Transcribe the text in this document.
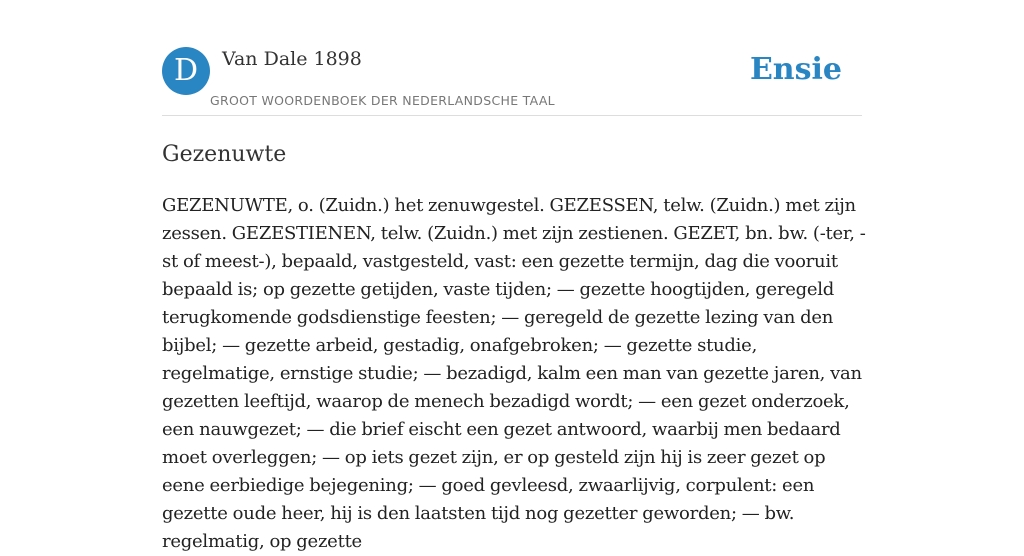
D	Van Dale 1898
GROOT WOORDENBOEK DER NEDERLANDSCHE TAAL
Ensie
Gezenuwte

GEZENUWTE, o. (Zuidn.) het zenuwgestel. GEZESSEN, telw. (Zuidn.) met zijn zessen. GEZESTIENEN, telw. (Zuidn.) met zijn zestienen. GEZET, bn. bw. (-ter, -st of meest-), bepaald, vastgesteld, vast: een gezette termijn, dag die vooruit bepaald is; op gezette getijden, vaste tijden; — gezette hoogtijden, geregeld terugkomende godsdienstige feesten; — geregeld de gezette lezing van den bijbel; — gezette arbeid, gestadig, onafgebroken; — gezette studie, regelmatige, ernstige studie; — bezadigd, kalm een man van gezette jaren, van gezetten leeftijd, waarop de menech bezadigd wordt; — een gezet onderzoek, een nauwgezet; — die brief eischt een gezet antwoord, waarbij men bedaard moet overleggen; — op iets gezet zijn, er op gesteld zijn hij is zeer gezet op eene eerbiedige bejegening; — goed gevleesd, zwaarlijvig, corpulent: een gezette oude heer, hij is den laatsten tijd nog gezetter geworden; — bw. regelmatig, op gezette
